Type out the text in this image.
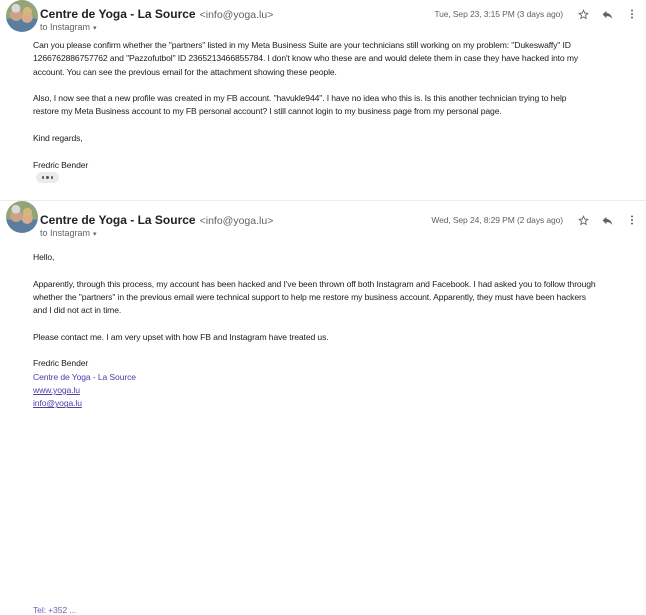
Centre de Yoga - La Source <info@yoga.lu>
to Instagram ▾
Tue, Sep 23, 3:15 PM (3 days ago)
Can you please confirm whether the "partners" listed in my Meta Business Suite are your technicians still working on my problem: "Dukeswaffy" ID
1266762886757762 and "Pazzofutbol" ID 2365213466855784. I don't know who these are and would delete them in case they have hacked into my
account. You can see the previous email for the attachment showing these people.
Also, I now see that a new profile was created in my FB account. "havukle944". I have no idea who this is. Is this another technician trying to help
restore my Meta Business account to my FB personal account? I still cannot login to my business page from my personal page.
Kind regards,
Fredric Bender
Centre de Yoga - La Source <info@yoga.lu>
to Instagram ▾
Wed, Sep 24, 8:29 PM (2 days ago)
Hello,
Apparently, through this process, my account has been hacked and I've been thrown off both Instagram and Facebook. I had asked you to follow through
whether the "partners" in the previous email were technical support to help me restore my business account. Apparently, they must have been hackers
and I did not act in time.
Please contact me. I am very upset with how FB and Instagram have treated us.
Fredric Bender
Centre de Yoga - La Source
www.yoga.lu
info@yoga.lu
Tel: +352 ...
